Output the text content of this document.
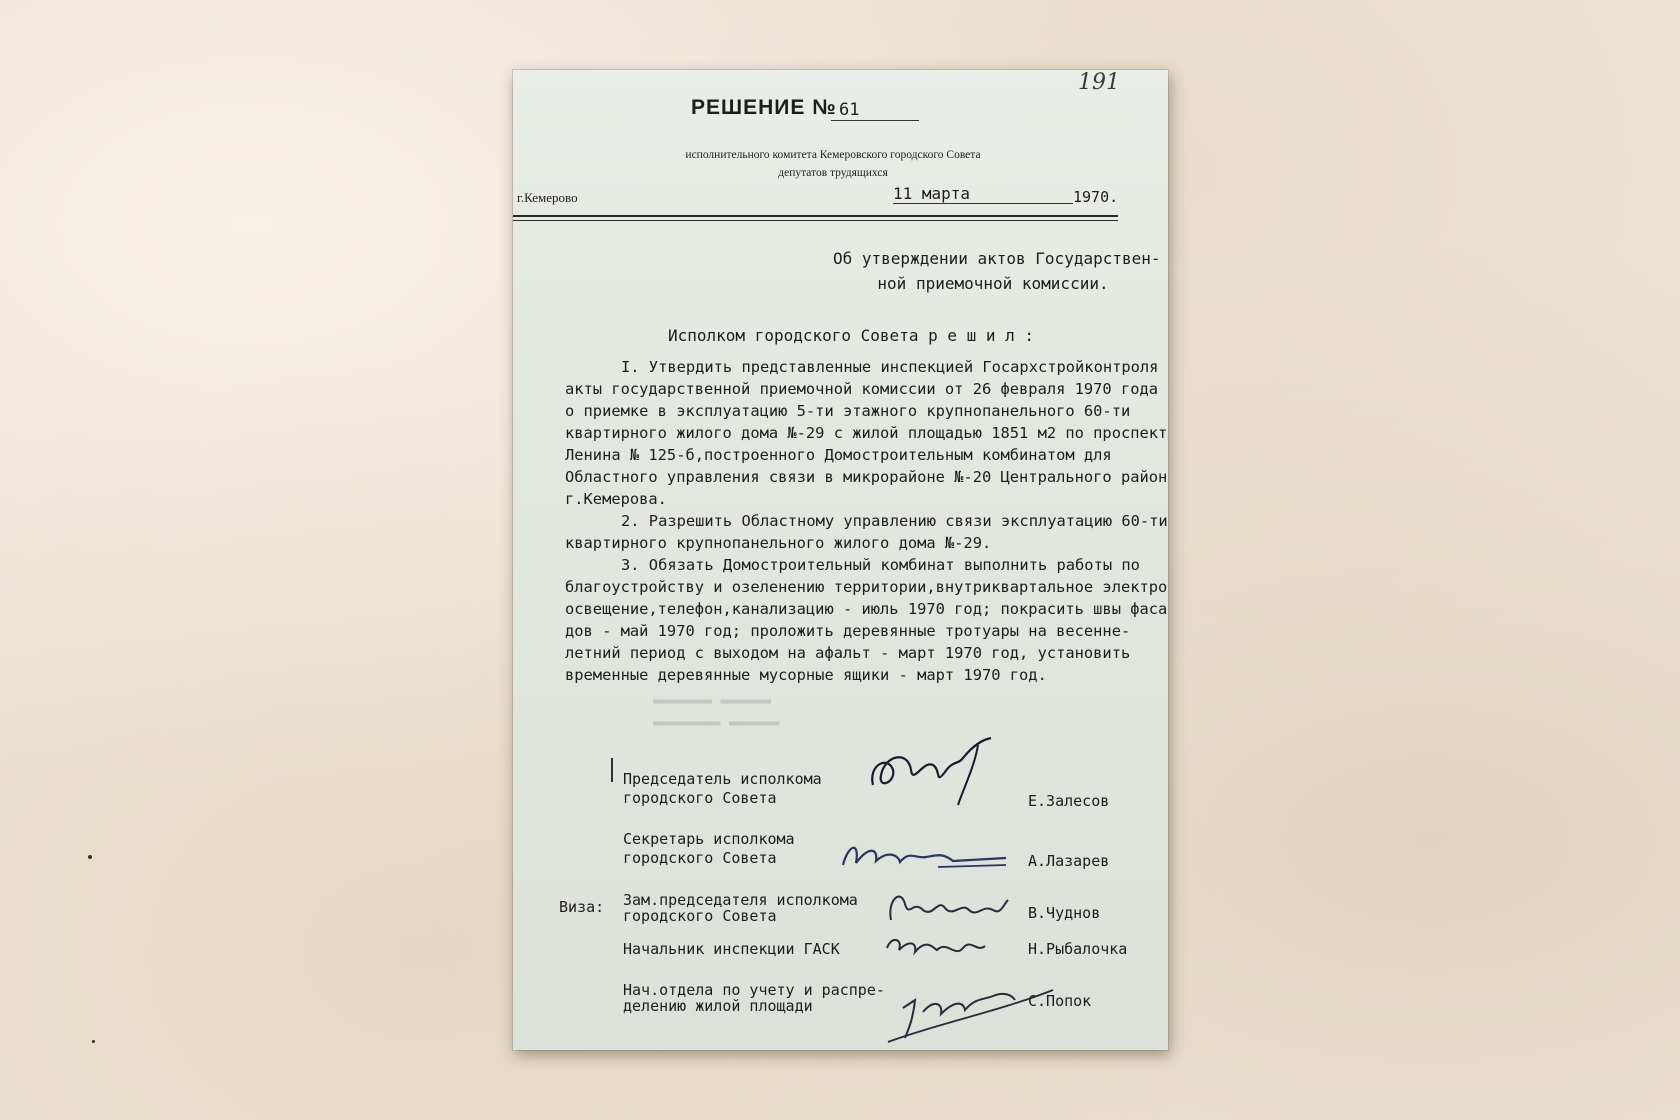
191
РЕШЕНИЕ № 61
исполнительного комитета Кемеровского городского Совета
депутатов трудящихся
г.Кемерово	11 марта	1970.
▬▬▬▬▬▬▬ ▬▬▬▬▬▬
▬▬▬▬▬▬▬▬ ▬▬▬▬▬▬
Об утверждении актов Государствен-
ной приемочной комиссии.
Исполком городского Совета р е ш и л :

I. Утвердить представленные инспекцией Госархстройконтроля

акты государственной приемочной комиссии от 26 февраля 1970 года

о приемке в эксплуатацию 5-ти этажного крупнопанельного 60-ти

квартирного жилого дома №-29 с жилой площадью 1851 м2 по проспект

Ленина № 125-б,построенного Домостроительным комбинатом для

Областного управления связи в микрорайоне №-20 Центрального район

г.Кемерова.

2. Разрешить Областному управлению связи эксплуатацию 60-ти

квартирного крупнопанельного жилого дома №-29.

3. Обязать Домостроительный комбинат выполнить работы по

благоустройству и озеленению территории,внутриквартальное электро

освещение,телефон,канализацию - июль 1970 год; покрасить швы фаса

дов - май 1970 год; проложить деревянные тротуары на весенне-

летний период с выходом на афальт - март 1970 год, установить

временные деревянные мусорные ящики - март 1970 год.

Председатель исполкома
городского Совета	Е.Залесов
Секретарь исполкома
городского Совета	А.Лазарев
Виза: Зам.председателя исполкома
городского Совета	В.Чуднов
Начальник инспекции ГАСК	Н.Рыбалочка
Нач.отдела по учету и распре-
делению жилой площади	С.Попок
